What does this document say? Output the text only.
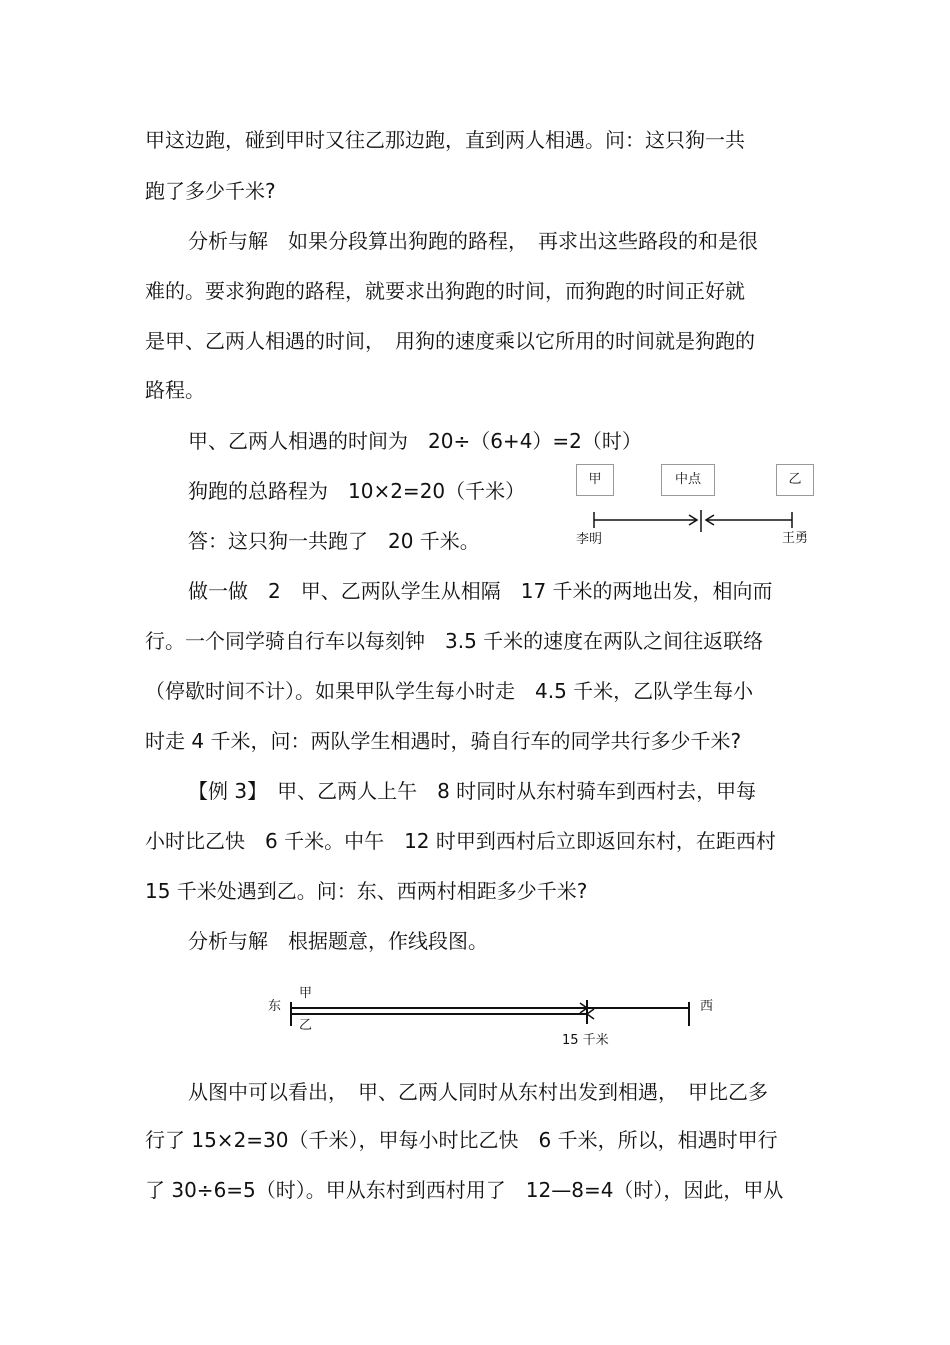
甲这边跑，碰到甲时又往乙那边跑，直到两人相遇。问：这只狗一共
跑了多少千米?
分析与解　如果分段算出狗跑的路程，　再求出这些路段的和是很
难的。要求狗跑的路程，就要求出狗跑的时间，而狗跑的时间正好就
是甲、乙两人相遇的时间，　用狗的速度乘以它所用的时间就是狗跑的
路程。
甲、乙两人相遇的时间为　20÷（6+4）=2（时）
狗跑的总路程为　10×2=20（千米）
答：这只狗一共跑了　20 千米。
做一做　2　甲、乙两队学生从相隔　17 千米的两地出发，相向而
行。一个同学骑自行车以每刻钟　3.5 千米的速度在两队之间往返联络
（停歇时间不计）。如果甲队学生每小时走　4.5 千米，乙队学生每小
时走 4 千米，问：两队学生相遇时，骑自行车的同学共行多少千米?
【例 3】　甲、乙两人上午　8 时同时从东村骑车到西村去，甲每
小时比乙快　6 千米。中午　12 时甲到西村后立即返回东村，在距西村
15 千米处遇到乙。问：东、西两村相距多少千米?
分析与解　根据题意，作线段图。
从图中可以看出，　甲、乙两人同时从东村出发到相遇，　甲比乙多
行了 15×2=30（千米），甲每小时比乙快　6 千米，所以，相遇时甲行
了 30÷6=5（时）。甲从东村到西村用了　12—8=4（时），因此，甲从
甲	中点	乙
李明	王勇
东	西
甲
乙
15 千米
